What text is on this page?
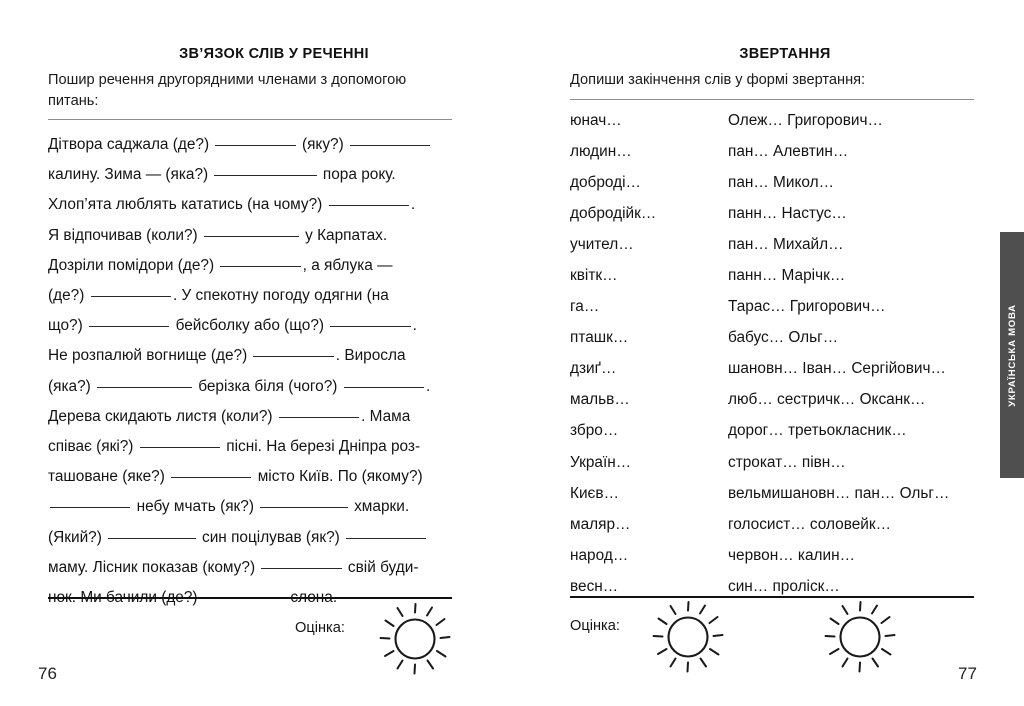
ЗВ’ЯЗОК СЛІВ У РЕЧЕННІ
Пошир речення другорядними членами з допомогою питань:
Дітвора саджала (де?)	(яку?)
калину. Зима — (яка?)	пора року.
Хлоп’ята люблять кататись (на чому?)	.
Я відпочивав (коли?)	у Карпатах.
Дозріли помідори (де?)	, а яблука —
(де?)	. У спекотну погоду одягни (на
що?)	бейсболку або (що?)	.
Не розпалюй вогнище (де?)	. Виросла
(яка?)	берізка біля (чого?)	.
Дерева скидають листя (коли?)	. Мама
співає (які?)	пісні. На березі Дніпра роз-
ташоване (яке?)	місто Київ. По (якому?)
небу мчать (як?)	хмарки.
(Який?)	син поцілував (як?)
маму. Лісник показав (кому?)	свій буди-
нок. Ми бачили (де?)	слона.
Оцінка:
76
ЗВЕРТАННЯ
Допиши закінчення слів у формі звертання:
юнач…	Олеж… Григорович…
людин…	пан… Алевтин…
доброді…	пан… Микол…
добродійк…	панн… Настус…
учител…	пан… Михайл…
квітк…	панн… Марічк…
га…	Тарас… Григорович…
пташк…	бабус… Ольг…
дзиґ…	шановн… Іван… Сергійович…
мальв…	люб… сестричк… Оксанк…
збро…	дорог… третьокласник…
Україн…	строкат… півн…
Києв…	вельмишановн… пан… Ольг…
маляр…	голосист… соловейк…
народ…	червон… калин…
весн…	син… проліск…
Оцінка:
77
УКРАЇНСЬКА МОВА
